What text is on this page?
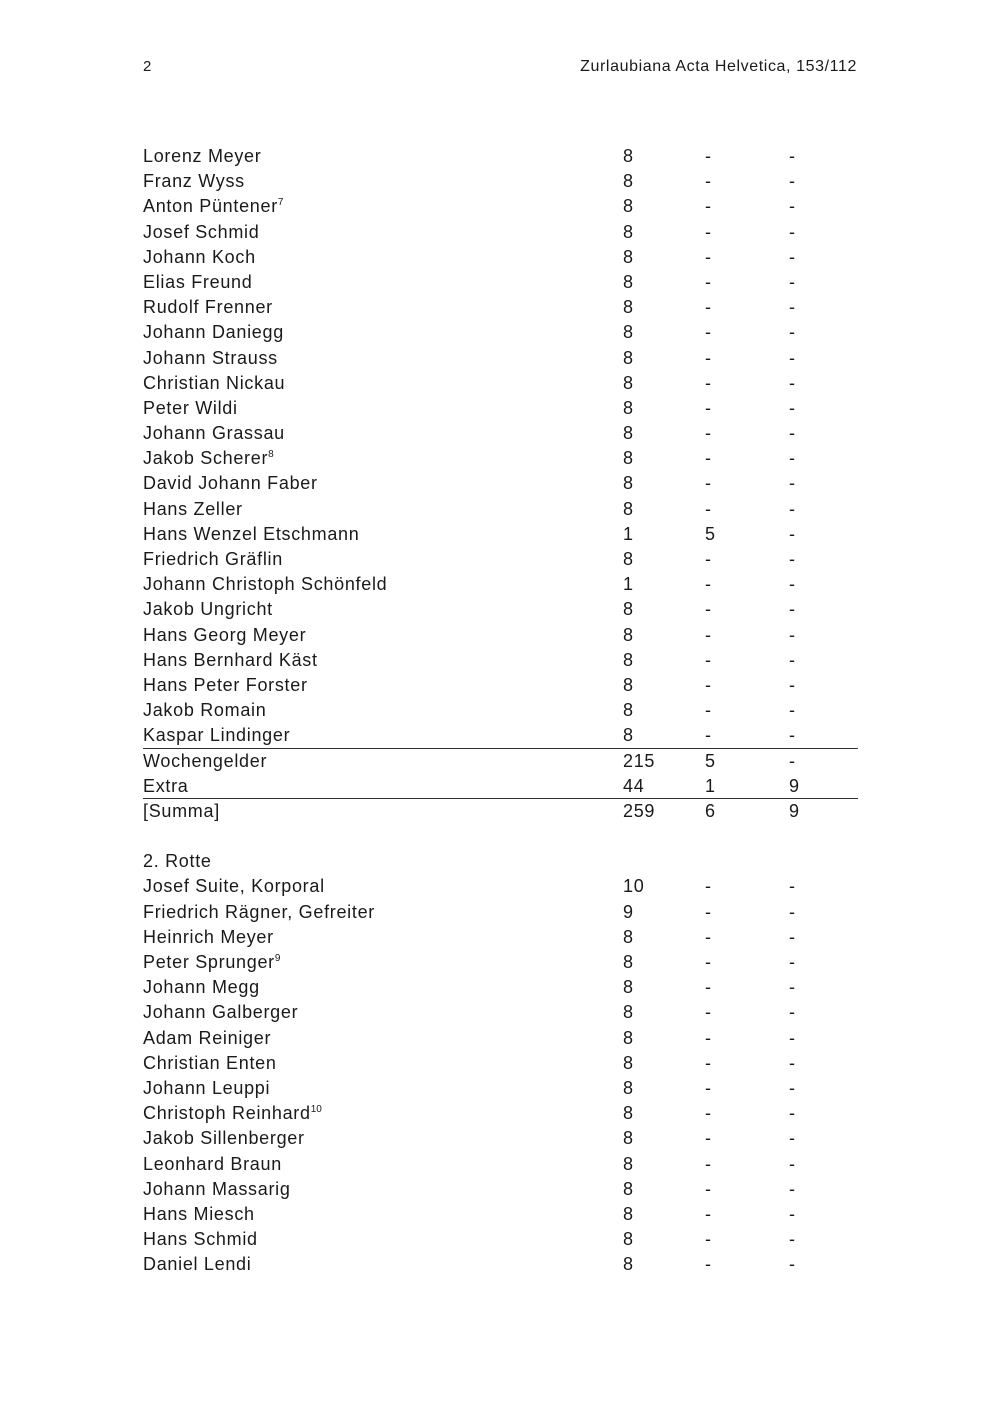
2	Zurlaubiana Acta Helvetica, 153/112
Lorenz Meyer	8	-	-
Franz Wyss	8	-	-
Anton Püntener$^7$	8	-	-
Josef Schmid	8	-	-
Johann Koch	8	-	-
Elias Freund	8	-	-
Rudolf Frenner	8	-	-
Johann Daniegg	8	-	-
Johann Strauss	8	-	-
Christian Nickau	8	-	-
Peter Wildi	8	-	-
Johann Grassau	8	-	-
Jakob Scherer$^8$	8	-	-
David Johann Faber	8	-	-
Hans Zeller	8	-	-
Hans Wenzel Etschmann	1	5	-
Friedrich Gräflin	8	-	-
Johann Christoph Schönfeld	1	-	-
Jakob Ungricht	8	-	-
Hans Georg Meyer	8	-	-
Hans Bernhard Käst	8	-	-
Hans Peter Forster	8	-	-
Jakob Romain	8	-	-
Kaspar Lindinger	8	-	-
Wochengelder	215	5	-
Extra	44	1	9
[Summa]	259	6	9
2. Rotte
Josef Suite, Korporal	10	-	-
Friedrich Rägner, Gefreiter	9	-	-
Heinrich Meyer	8	-	-
Peter Sprunger$^9$	8	-	-
Johann Megg	8	-	-
Johann Galberger	8	-	-
Adam Reiniger	8	-	-
Christian Enten	8	-	-
Johann Leuppi	8	-	-
Christoph Reinhard$^{10}$	8	-	-
Jakob Sillenberger	8	-	-
Leonhard Braun	8	-	-
Johann Massarig	8	-	-
Hans Miesch	8	-	-
Hans Schmid	8	-	-
Daniel Lendi	8	-	-
